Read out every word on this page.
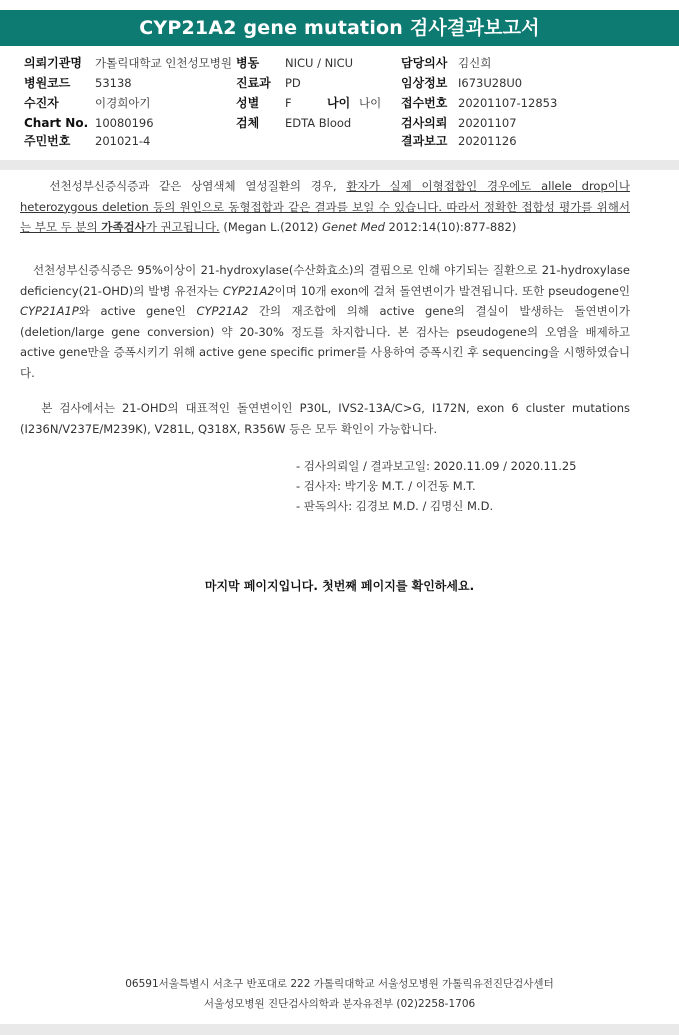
CYP21A2 gene mutation 검사결과보고서
의뢰기관명 가톨릭대학교 인천성모병원
병원코드 53138
수진자	이경희아기
Chart No. 10080196
주민번호 201021-4
병동 NICU / NICU
진료과 PD
성별 F	나이 나이
검체 EDTA Blood
담당의사 김신희
임상정보 I673U28U0
접수번호 20201107-12853
검사의뢰 20201107
결과보고 20201126

선천성부신증식증과 같은 상염색체 열성질환의 경우, 환자가 실제 이형접합인 경우에도 allele drop이나 heterozygous deletion 등의 원인으로 동형접합과 같은 결과를 보일 수 있습니다. 따라서 정확한 접합성 평가를 위해서는 부모 두 분의 가족검사가 권고됩니다. (Megan L.(2012) Genet Med 2012:14(10):877-882)

선천성부신증식증은 95%이상이 21-hydroxylase(수산화효소)의 결핍으로 인해 야기되는 질환으로 21-hydroxylase deficiency(21-OHD)의 발병 유전자는 CYP21A2이며 10개 exon에 걸쳐 돌연변이가 발견됩니다. 또한 pseudogene인 CYP21A1P와 active gene인 CYP21A2 간의 재조합에 의해 active gene의 결실이 발생하는 돌연변이가(deletion/large gene conversion) 약 20-30% 정도를 차지합니다. 본 검사는 pseudogene의 오염을 배제하고 active gene만을 증폭시키기 위해 active gene specific primer를 사용하여 증폭시킨 후 sequencing을 시행하였습니다.

본 검사에서는 21-OHD의 대표적인 돌연변이인 P30L, IVS2-13A/C>G, I172N, exon 6 cluster mutations (I236N/V237E/M239K), V281L, Q318X, R356W 등은 모두 확인이 가능합니다.

- 검사의뢰일 / 결과보고일: 2020.11.09 / 2020.11.25
- 검사자: 박기웅 M.T. / 이건동 M.T.
- 판독의사: 김경보 M.D. / 김명신 M.D.
마지막 페이지입니다. 첫번째 페이지를 확인하세요.
06591서울특별시 서초구 반포대로 222 가톨릭대학교 서울성모병원 가톨릭유전진단검사센터
서울성모병원 진단검사의학과 분자유전부 (02)2258-1706
